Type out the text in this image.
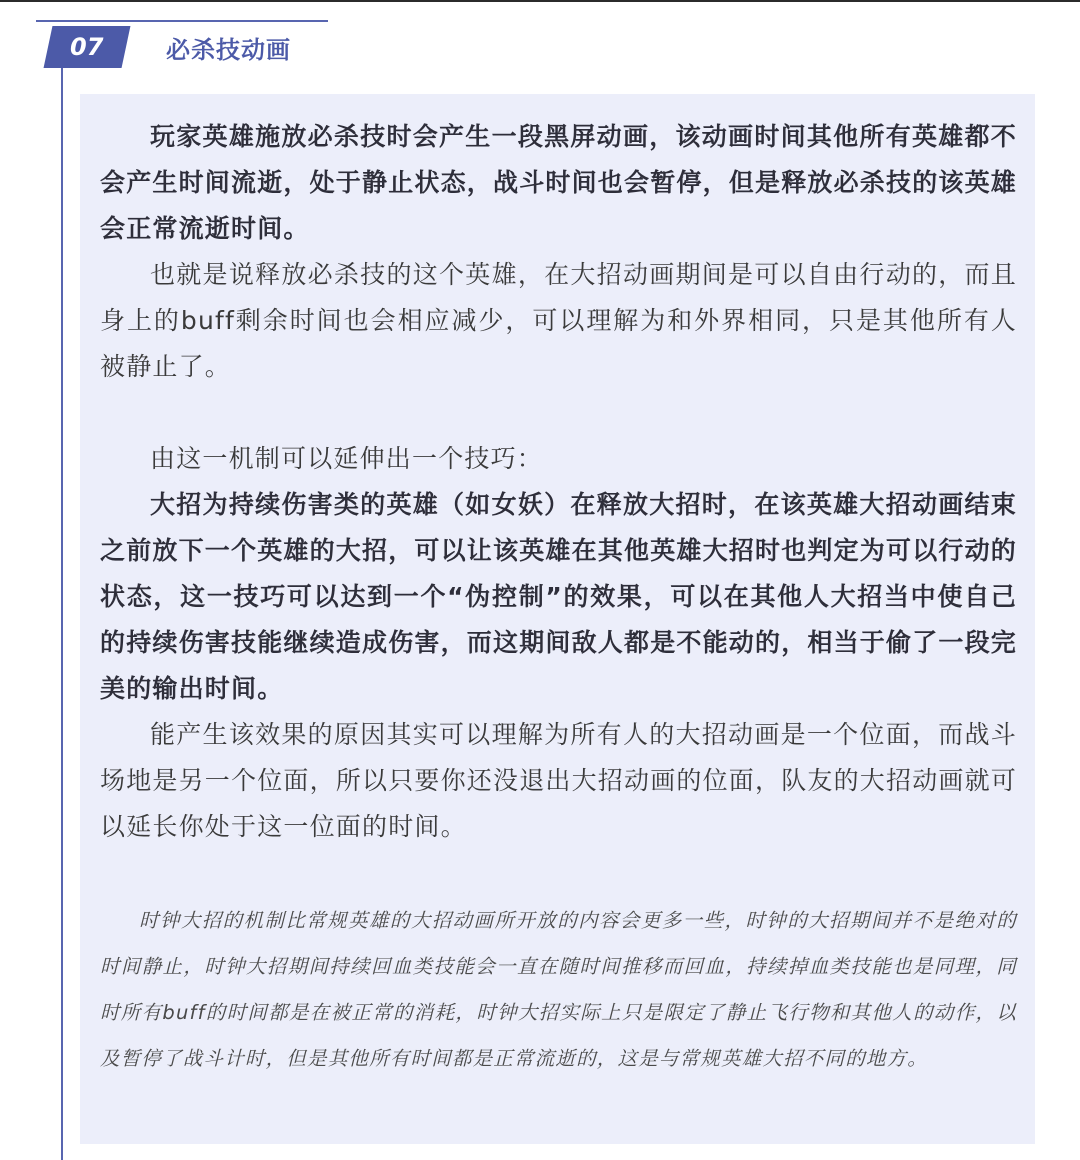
07	必杀技动画

玩家英雄施放必杀技时会产生一段黑屏动画，该动画时间其他所有英雄都不会产生时间流逝，处于静止状态，战斗时间也会暂停，但是释放必杀技的该英雄会正常流逝时间。

也就是说释放必杀技的这个英雄，在大招动画期间是可以自由行动的，而且身上的buff剩余时间也会相应减少，可以理解为和外界相同，只是其他所有人被静止了。

由这一机制可以延伸出一个技巧：

大招为持续伤害类的英雄（如女妖）在释放大招时，在该英雄大招动画结束之前放下一个英雄的大招，可以让该英雄在其他英雄大招时也判定为可以行动的状态，这一技巧可以达到一个“伪控制”的效果，可以在其他人大招当中使自己的持续伤害技能继续造成伤害，而这期间敌人都是不能动的，相当于偷了一段完美的输出时间。

能产生该效果的原因其实可以理解为所有人的大招动画是一个位面，而战斗场地是另一个位面，所以只要你还没退出大招动画的位面，队友的大招动画就可以延长你处于这一位面的时间。

时钟大招的机制比常规英雄的大招动画所开放的内容会更多一些，时钟的大招期间并不是绝对的时间静止，时钟大招期间持续回血类技能会一直在随时间推移而回血，持续掉血类技能也是同理，同时所有buff的时间都是在被正常的消耗，时钟大招实际上只是限定了静止飞行物和其他人的动作，以及暂停了战斗计时，但是其他所有时间都是正常流逝的，这是与常规英雄大招不同的地方。
